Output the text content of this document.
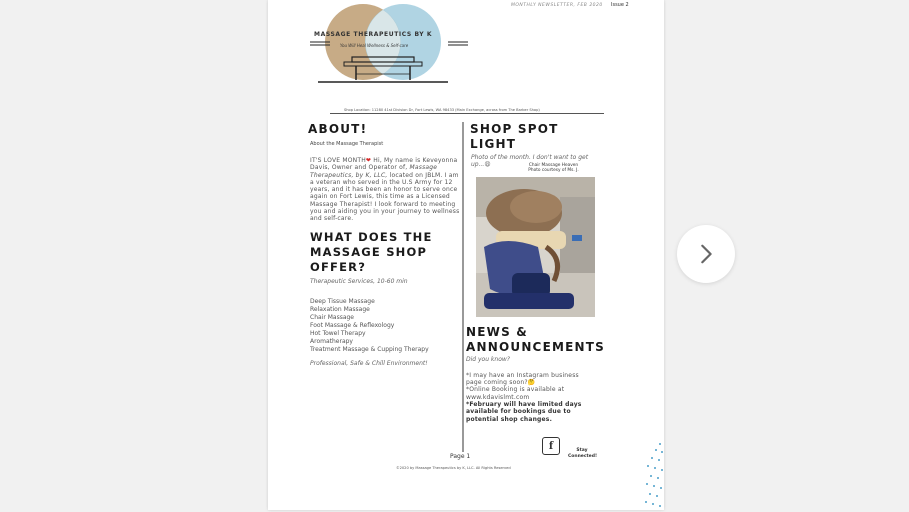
MONTHLY NEWSLETTER, FEB 2020 Issue 2
MASSAGE THERAPEUTICS BY K
You Will Heal Wellness & Self-care
Shop Location: 11280 41st Division Dr, Fort Lewis, WA 98433 (Main Exchange, across from The Barber Shop)
ABOUT!
About the Massage Therapist
IT'S LOVE MONTH❤ Hi, My name is Keveyonna Davis, Owner and Operator of, Massage Therapeutics, by K, LLC, located on JBLM. I am a veteran who served in the U.S Army for 12 years, and it has been an honor to serve once again on Fort Lewis, this time as a Licensed Massage Therapist! I look forward to meeting you and aiding you in your journey to wellness and self-care.
WHAT DOES THE MASSAGE SHOP OFFER?
Therapeutic Services, 10-60 min
Deep Tissue Massage
Relaxation Massage
Chair Massage
Foot Massage & Reflexology
Hot Towel Therapy
Aromatherapy
Treatment Massage & Cupping Therapy
Professional, Safe & Chill Environment!
SHOP SPOT LIGHT
Photo of the month. I don't want to get up...😩	Chair Massage Heaven
Photo courtesy of Ms. J.
NEWS & ANNOUNCEMENTS
Did you know?
*I may have an Instagram business page coming soon?🤔
*Online Booking is available at www.kdavislmt.com
*February will have limited days available for bookings due to potential shop changes.
f	Stay Connected!
Page 1
©2020 by Massage Therapeutics by K, LLC. All Rights Reserved
